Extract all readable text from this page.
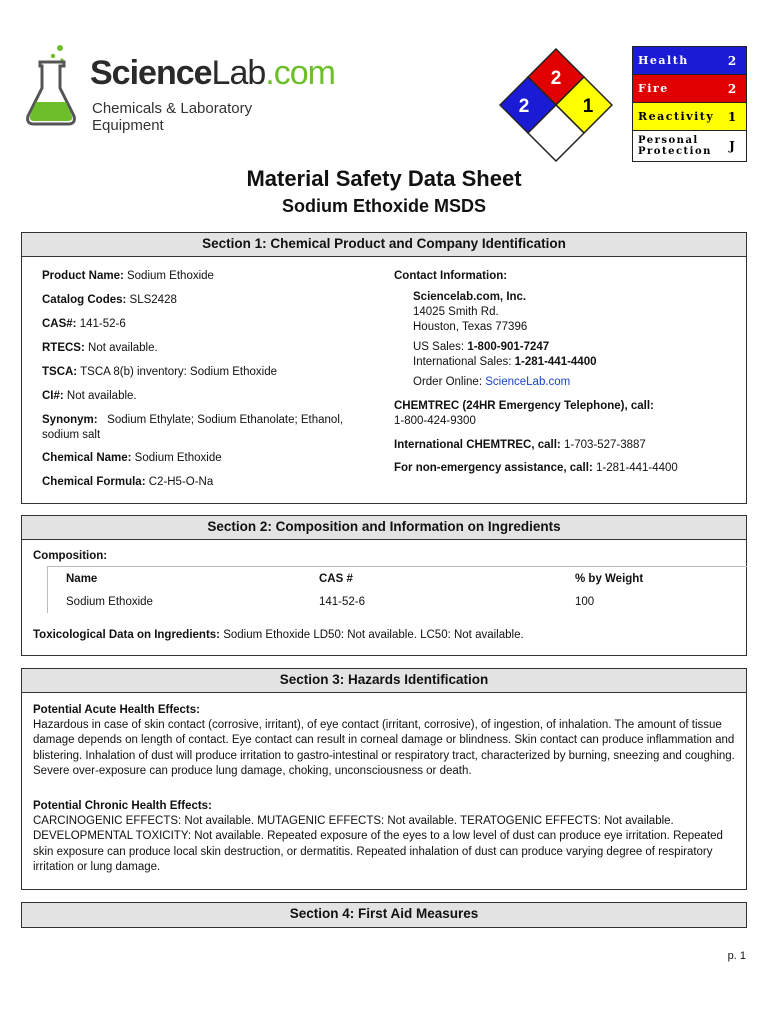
ScienceLab.com
Chemicals & Laboratory Equipment
2
2	1
Health	2
Fire	2
Reactivity	1
Personal
Protection	J
Material Safety Data Sheet
Sodium Ethoxide MSDS
Section 1: Chemical Product and Company Identification
Product Name: Sodium Ethoxide
Catalog Codes: SLS2428
CAS#: 141-52-6
RTECS: Not available.
TSCA: TSCA 8(b) inventory: Sodium Ethoxide
CI#: Not available.
Synonym:   Sodium Ethylate; Sodium Ethanolate; Ethanol,
sodium salt
Chemical Name: Sodium Ethoxide
Chemical Formula: C2-H5-O-Na
Contact Information:
Sciencelab.com, Inc.
14025 Smith Rd.
Houston, Texas 77396
US Sales: 1-800-901-7247
International Sales: 1-281-441-4400
Order Online: ScienceLab.com
CHEMTREC (24HR Emergency Telephone), call:
1-800-424-9300
International CHEMTREC, call: 1-703-527-3887
For non-emergency assistance, call: 1-281-441-4400
Section 2: Composition and Information on Ingredients
Composition:
Name	CAS #	% by Weight
Sodium Ethoxide	141-52-6	100
Toxicological Data on Ingredients: Sodium Ethoxide LD50: Not available. LC50: Not available.
Section 3: Hazards Identification
Potential Acute Health Effects:
Hazardous in case of skin contact (corrosive, irritant), of eye contact (irritant, corrosive), of ingestion, of inhalation. The amount of tissue damage depends on length of contact. Eye contact can result in corneal damage or blindness. Skin contact can produce inflammation and blistering. Inhalation of dust will produce irritation to gastro-intestinal or respiratory tract, characterized by burning, sneezing and coughing. Severe over-exposure can produce lung damage, choking, unconsciousness or death.
Potential Chronic Health Effects:
CARCINOGENIC EFFECTS: Not available. MUTAGENIC EFFECTS: Not available. TERATOGENIC EFFECTS: Not available. DEVELOPMENTAL TOXICITY: Not available. Repeated exposure of the eyes to a low level of dust can produce eye irritation. Repeated skin exposure can produce local skin destruction, or dermatitis. Repeated inhalation of dust can produce varying degree of respiratory irritation or lung damage.
Section 4: First Aid Measures
p. 1
